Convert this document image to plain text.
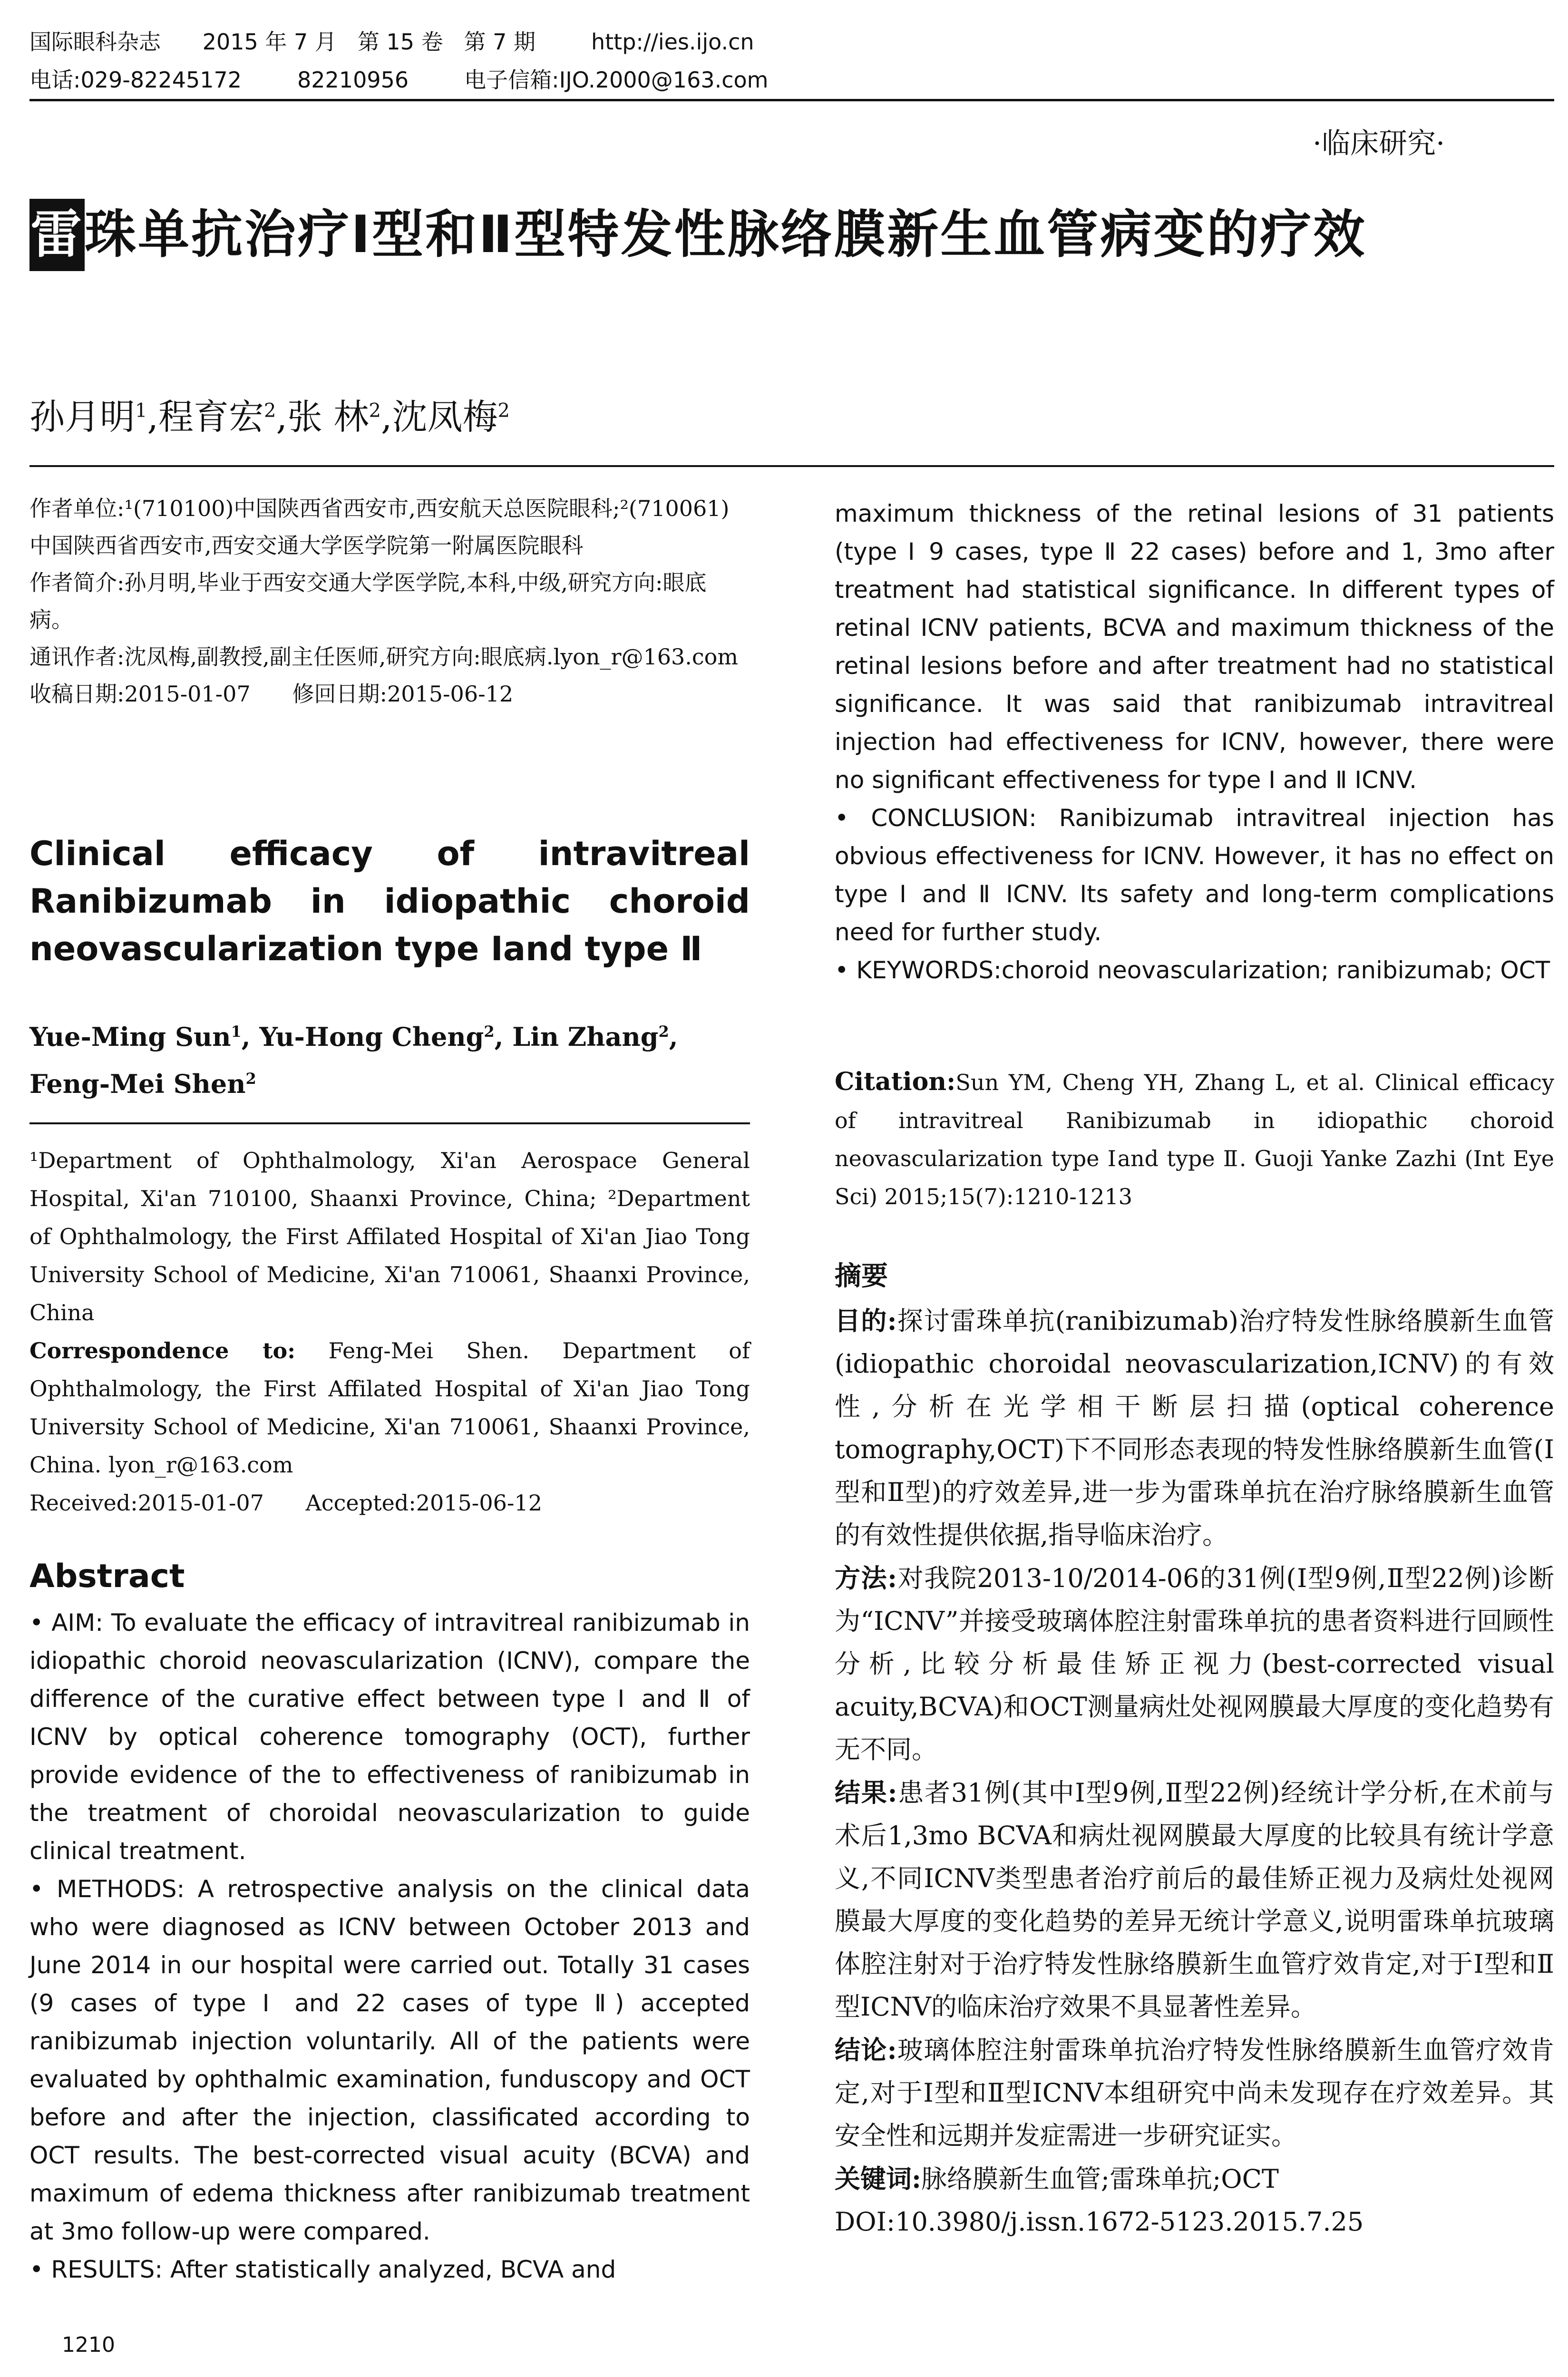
国际眼科杂志 2015 年 7 月 第 15 卷 第 7 期	http://ies.ijo.cn
电话:029-82245172	82210956	电子信箱:IJO.2000@163.com
·临床研究·
雷珠单抗治疗Ⅰ型和Ⅱ型特发性脉络膜新生血管病变的疗效
孙月明$^1$,程育宏$^2$,张 林$^2$,沈凤梅$^2$

作者单位:¹(710100)中国陕西省西安市,西安航天总医院眼科;²(710061)中国陕西省西安市,西安交通大学医学院第一附属医院眼科

作者简介:孙月明,毕业于西安交通大学医学院,本科,中级,研究方向:眼底病。

通讯作者:沈凤梅,副教授,副主任医师,研究方向:眼底病.lyon_r@163.com

收稿日期:2015-01-07 修回日期:2015-06-12

Clinical efficacy of intravitreal
Ranibizumab in idiopathic choroid
neovascularization type Ⅰand type Ⅱ
Yue-Ming Sun$^1$, Yu-Hong Cheng$^2$, Lin Zhang$^2$, Feng-Mei Shen$^2$

¹Department of Ophthalmology, Xi'an Aerospace General Hospital, Xi'an 710100, Shaanxi Province, China; ²Department of Ophthalmology, the First Affilated Hospital of Xi'an Jiao Tong University School of Medicine, Xi'an 710061, Shaanxi Province, China

Correspondence to: Feng-Mei Shen. Department of Ophthalmology, the First Affilated Hospital of Xi'an Jiao Tong University School of Medicine, Xi'an 710061, Shaanxi Province, China. lyon_r@163.com

Received:2015-01-07 Accepted:2015-06-12

Abstract

• AIM: To evaluate the efficacy of intravitreal ranibizumab in idiopathic choroid neovascularization (ICNV), compare the difference of the curative effect between type Ⅰ and Ⅱ of ICNV by optical coherence tomography (OCT), further provide evidence of the to effectiveness of ranibizumab in the treatment of choroidal neovascularization to guide clinical treatment.

• METHODS: A retrospective analysis on the clinical data who were diagnosed as ICNV between October 2013 and June 2014 in our hospital were carried out. Totally 31 cases (9 cases of type Ⅰ and 22 cases of type Ⅱ) accepted ranibizumab injection voluntarily. All of the patients were evaluated by ophthalmic examination, funduscopy and OCT before and after the injection, classificated according to OCT results. The best-corrected visual acuity (BCVA) and maximum of edema thickness after ranibizumab treatment at 3mo follow-up were compared.

• RESULTS: After statistically analyzed, BCVA and

1210

maximum thickness of the retinal lesions of 31 patients (type Ⅰ 9 cases, type Ⅱ 22 cases) before and 1, 3mo after treatment had statistical significance. In different types of retinal ICNV patients, BCVA and maximum thickness of the retinal lesions before and after treatment had no statistical significance. It was said that ranibizumab intravitreal injection had effectiveness for ICNV, however, there were no significant effectiveness for type Ⅰ and Ⅱ ICNV.

• CONCLUSION: Ranibizumab intravitreal injection has obvious effectiveness for ICNV. However, it has no effect on type Ⅰ and Ⅱ ICNV. Its safety and long-term complications need for further study.

• KEYWORDS:choroid neovascularization; ranibizumab; OCT

Citation:Sun YM, Cheng YH, Zhang L, et al. Clinical efficacy of intravitreal Ranibizumab in idiopathic choroid neovascularization type Ⅰand type Ⅱ. Guoji Yanke Zazhi (Int Eye Sci) 2015;15(7):1210-1213

摘要

目的:探讨雷珠单抗(ranibizumab)治疗特发性脉络膜新生血管(idiopathic choroidal neovascularization,ICNV)的有效性,分析在光学相干断层扫描(optical coherence tomography,OCT)下不同形态表现的特发性脉络膜新生血管(Ⅰ型和Ⅱ型)的疗效差异,进一步为雷珠单抗在治疗脉络膜新生血管的有效性提供依据,指导临床治疗。

方法:对我院2013-10/2014-06的31例(Ⅰ型9例,Ⅱ型22例)诊断为“ICNV”并接受玻璃体腔注射雷珠单抗的患者资料进行回顾性分析,比较分析最佳矫正视力(best-corrected visual acuity,BCVA)和OCT测量病灶处视网膜最大厚度的变化趋势有无不同。

结果:患者31例(其中Ⅰ型9例,Ⅱ型22例)经统计学分析,在术前与术后1,3mo BCVA和病灶视网膜最大厚度的比较具有统计学意义,不同ICNV类型患者治疗前后的最佳矫正视力及病灶处视网膜最大厚度的变化趋势的差异无统计学意义,说明雷珠单抗玻璃体腔注射对于治疗特发性脉络膜新生血管疗效肯定,对于Ⅰ型和Ⅱ型ICNV的临床治疗效果不具显著性差异。

结论:玻璃体腔注射雷珠单抗治疗特发性脉络膜新生血管疗效肯定,对于Ⅰ型和Ⅱ型ICNV本组研究中尚未发现存在疗效差异。其安全性和远期并发症需进一步研究证实。

关键词:脉络膜新生血管;雷珠单抗;OCT

DOI:10.3980/j.issn.1672-5123.2015.7.25
